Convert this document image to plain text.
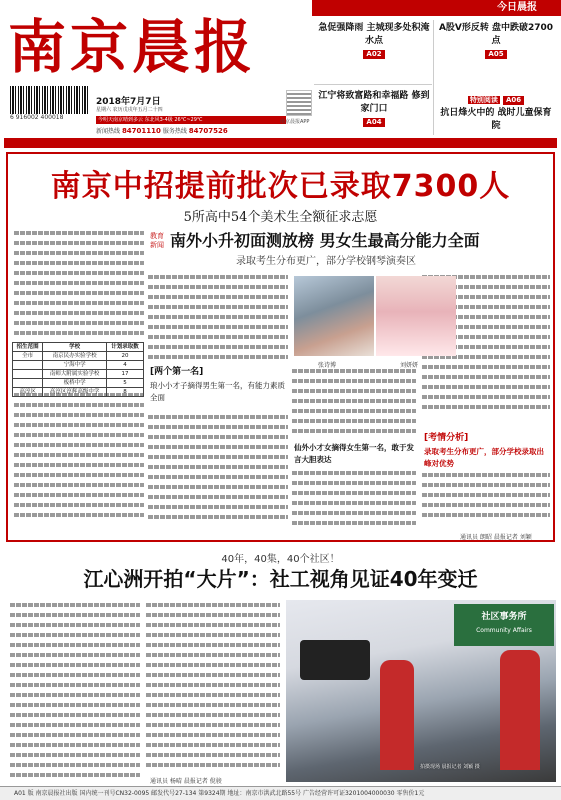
南京晨报
6 916002 400018
2018年7月7日
星期六 农历戊戌年五月二十四
今明天南京晴到多云 东北风3-4级 26℃~29℃
新闻热线 84701110 服务热线 84707526
南京晨报APP
今日晨报
急促强降雨 主城现多处积淹水点
A02
A股V形反转 盘中跌破2700点
A05
江宁将致富路和幸福路 修到家门口
A04
特别阅读 A06
抗日烽火中的 战时儿童保育院
南京中招提前批次已录取7300人
5所高中54个美术生全额征求志愿
教育新闻 南外小升初面测放榜 男女生最高分能力全面
录取考生分布更广，部分学校钢琴演奏区
招生范围	学校	计划录取数
全市	南京民办实验学校	20
	宁海中学	4
	南师大附属实验学校	17
	板桥中学	5
高淳区	高淳区淳辉高级中学	8
张诗博	刘妍妍
[两个第一名]
琅小小才子摘得男生第一名，有能力素质全面
[考情分析]
录取考生分布更广，部分学校录取出峰对优势
仙外小才女摘得女生第一名，敢于发言大胆表达
通讯员 朗昭 晨报记者 刘颖
40年，40集，40个社区！
江心洲开拍“大片”：社工视角见证40年变迁
通讯员 杨晴 晨报记者 倪骏
社区事务所
Community Affairs
拍摄现场 晨报记者 刘颖 摄
A01 版 南京晨报社出版 国内统一刊号CN32-0095 邮发代号27-134 第9324期 地址：南京市洪武北路55号 广告经营许可证3201004000030 零售价1元
